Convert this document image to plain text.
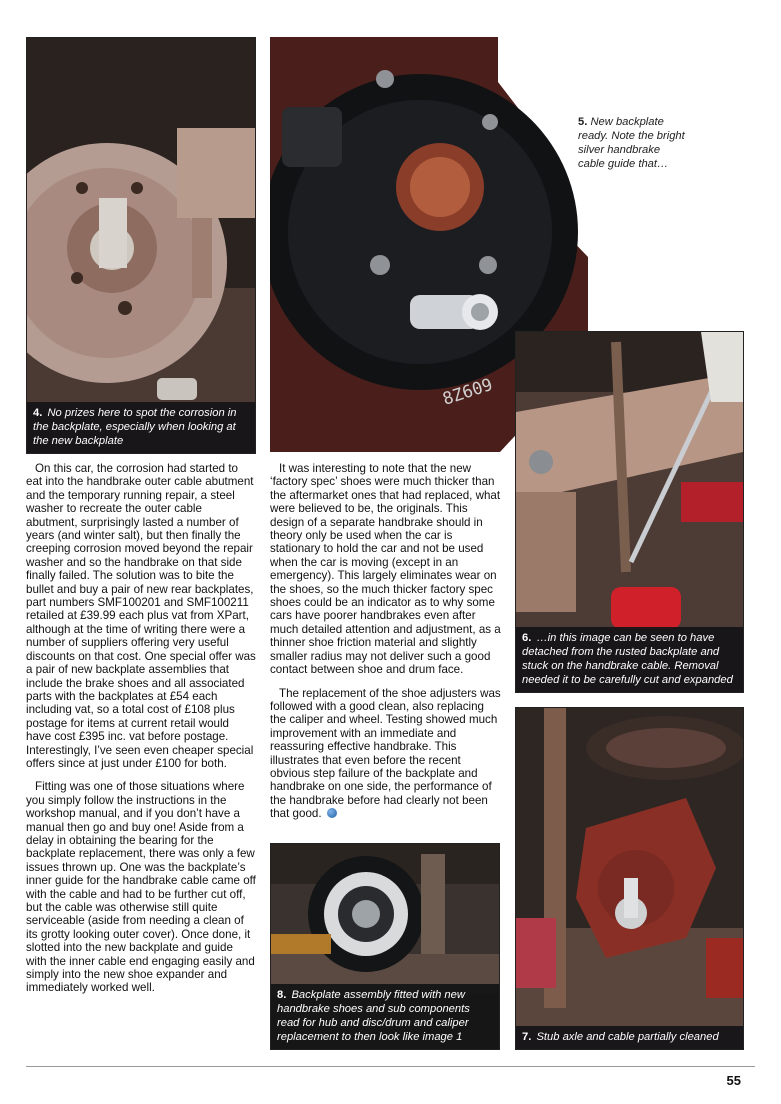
4. No prizes here to spot the corrosion in the backplate, especially when looking at the new backplate
8Z609
5. New backplate ready. Note the bright silver handbrake cable guide that…
6. …in this image can be seen to have detached from the rusted backplate and stuck on the handbrake cable. Removal needed it to be carefully cut and expanded
7. Stub axle and cable partially cleaned
8. Backplate assembly fitted with new handbrake shoes and sub components read for hub and disc/drum and caliper replacement to then look like image 1

On this car, the corrosion had started to eat into the handbrake outer cable abutment and the temporary running repair, a steel washer to recreate the outer cable abutment, surprisingly lasted a number of years (and winter salt), but then finally the creeping corrosion moved beyond the repair washer and so the handbrake on that side finally failed. The solution was to bite the bullet and buy a pair of new rear backplates, part numbers SMF100201 and SMF100211 retailed at £39.99 each plus vat from XPart, although at the time of writing there were a number of suppliers offering very useful discounts on that cost. One special offer was a pair of new backplate assemblies that include the brake shoes and all associated parts with the backplates at £54 each including vat, so a total cost of £108 plus postage for items at current retail would have cost £395 inc. vat before postage. Interestingly, I’ve seen even cheaper special offers since at just under £100 for both.

Fitting was one of those situations where you simply follow the instructions in the workshop manual, and if you don’t have a manual then go and buy one! Aside from a delay in obtaining the bearing for the backplate replacement, there was only a few issues thrown up. One was the backplate’s inner guide for the handbrake cable came off with the cable and had to be further cut off, but the cable was otherwise still quite serviceable (aside from needing a clean of its grotty looking outer cover). Once done, it slotted into the new backplate and guide with the inner cable end engaging easily and simply into the new shoe expander and immediately worked well.

It was interesting to note that the new ‘factory spec’ shoes were much thicker than the aftermarket ones that had replaced, what were believed to be, the originals. This design of a separate handbrake should in theory only be used when the car is stationary to hold the car and not be used when the car is moving (except in an emergency). This largely eliminates wear on the shoes, so the much thicker factory spec shoes could be an indicator as to why some cars have poorer handbrakes even after much detailed attention and adjustment, as a thinner shoe friction material and slightly smaller radius may not deliver such a good contact between shoe and drum face.

The replacement of the shoe adjusters was followed with a good clean, also replacing the caliper and wheel. Testing showed much improvement with an immediate and reassuring effective handbrake. This illustrates that even before the recent obvious step failure of the backplate and handbrake on one side, the performance of the handbrake before had clearly not been that good.

55
